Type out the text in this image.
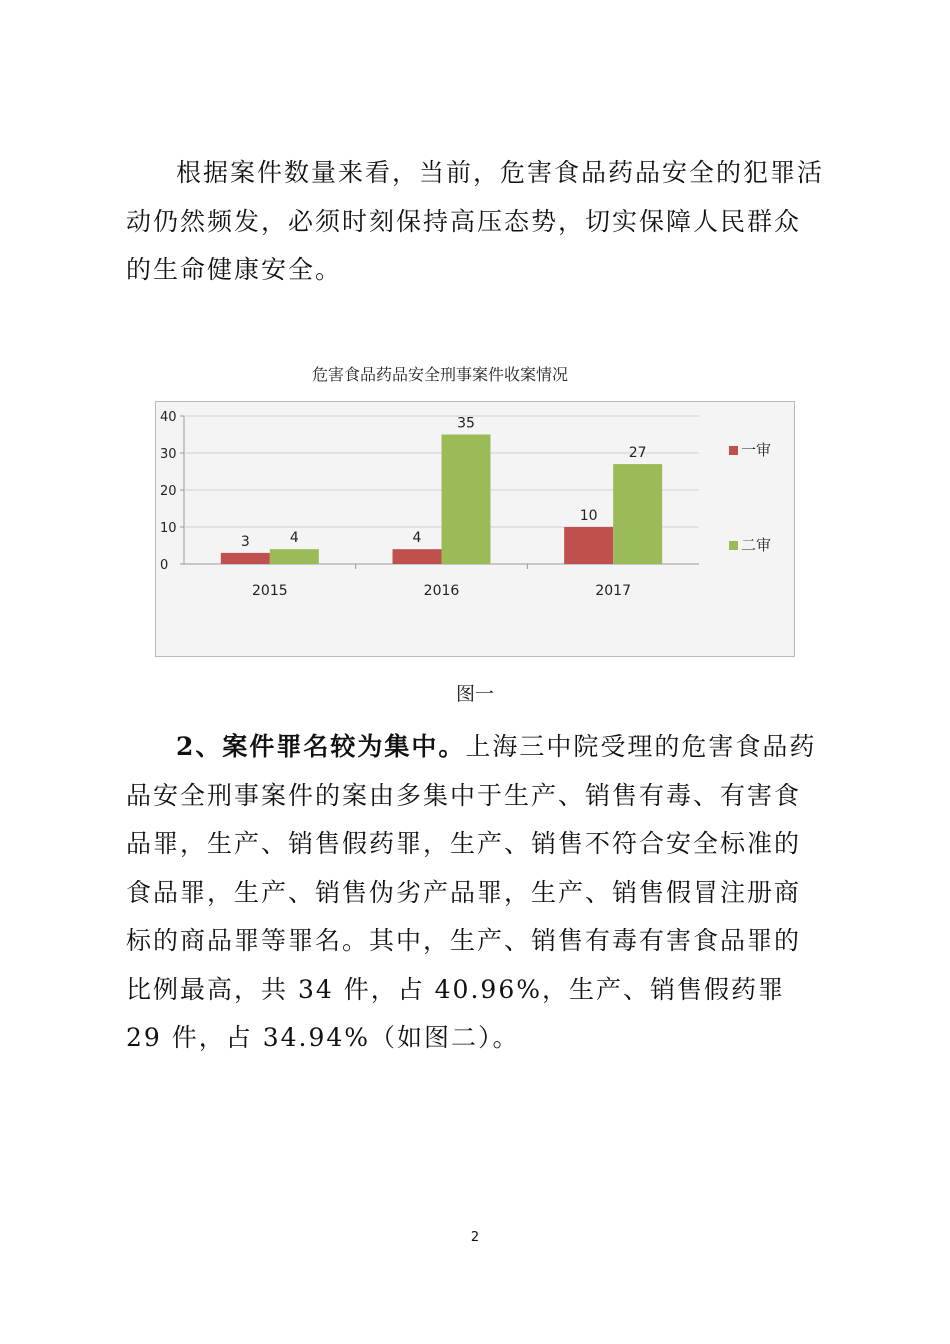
根据案件数量来看，当前，危害食品药品安全的犯罪活动仍然频发，必须时刻保持高压态势，切实保障人民群众的生命健康安全。

危害食品药品安全刑事案件收案情况
0
10
20
30
40
3	4
2015
4
35
2016
10
27
2017
一审
二审
图一

2、案件罪名较为集中。上海三中院受理的危害食品药品安全刑事案件的案由多集中于生产、销售有毒、有害食品罪，生产、销售假药罪，生产、销售不符合安全标准的食品罪，生产、销售伪劣产品罪，生产、销售假冒注册商标的商品罪等罪名。其中，生产、销售有毒有害食品罪的比例最高，共 34 件，占 40.96%，生产、销售假药罪 29 件，占 34.94%（如图二）。

2
